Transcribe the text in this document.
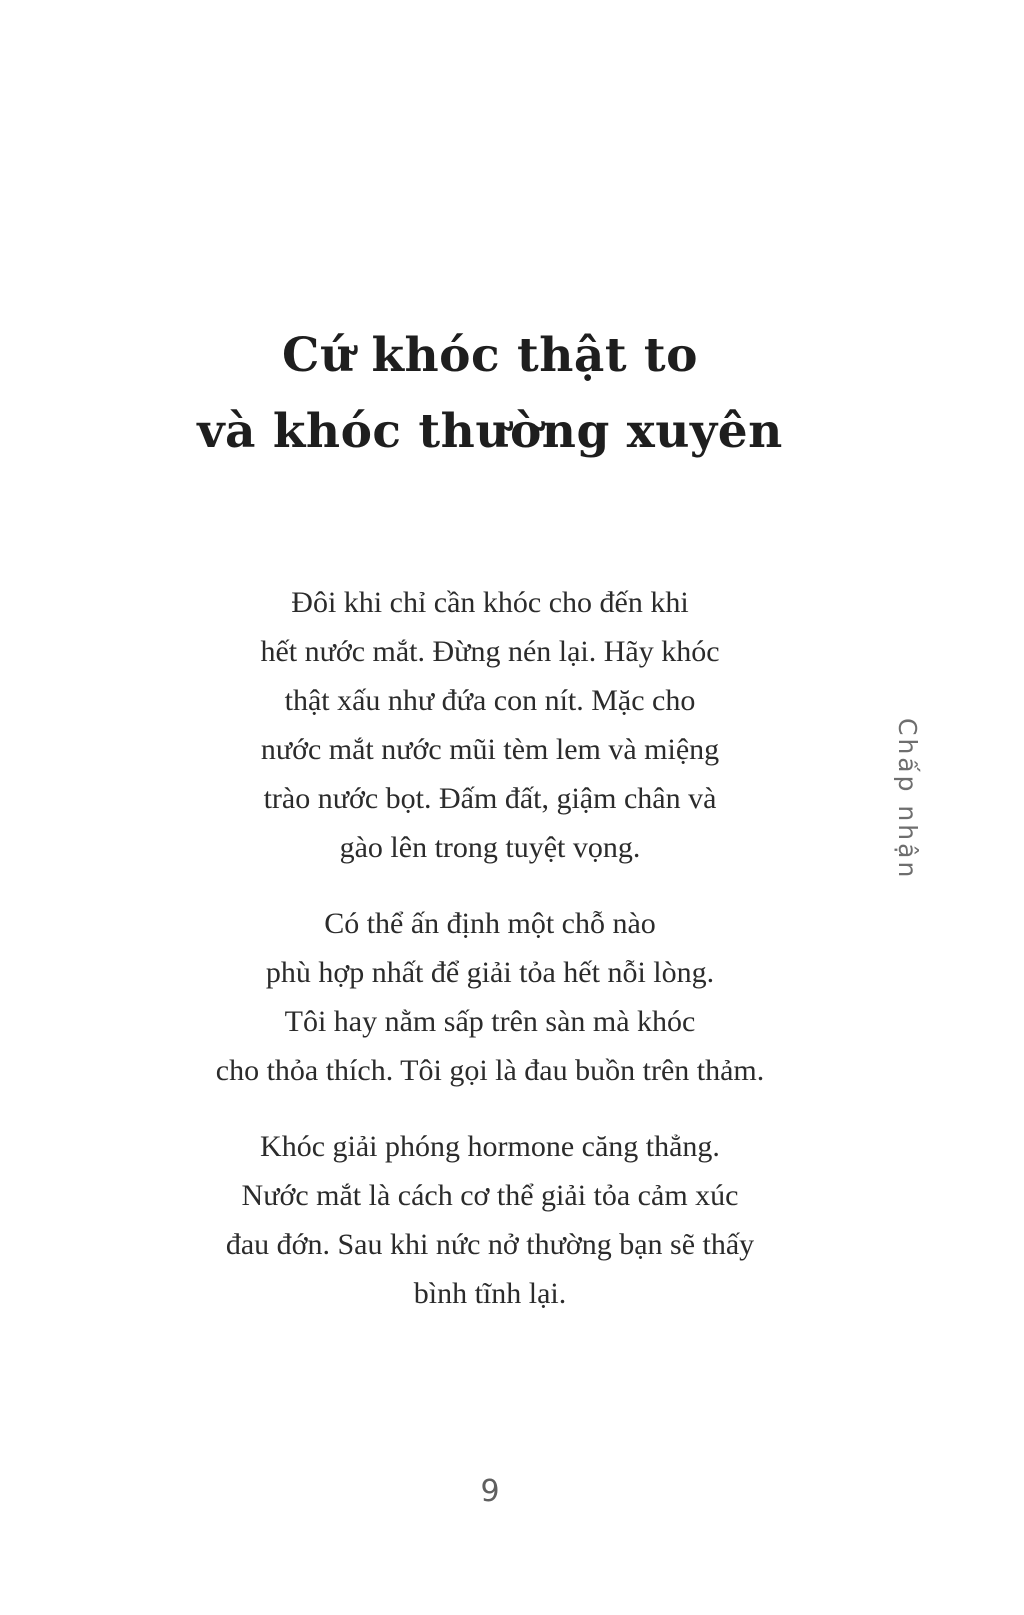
Cứ khóc thật to
và khóc thường xuyên
Đôi khi chỉ cần khóc cho đến khi
hết nước mắt. Đừng nén lại. Hãy khóc
thật xấu như đứa con nít. Mặc cho
nước mắt nước mũi tèm lem và miệng
trào nước bọt. Đấm đất, giậm chân và
gào lên trong tuyệt vọng.
Có thể ấn định một chỗ nào
phù hợp nhất để giải tỏa hết nỗi lòng.
Tôi hay nằm sấp trên sàn mà khóc
cho thỏa thích. Tôi gọi là đau buồn trên thảm.
Khóc giải phóng hormone căng thẳng.
Nước mắt là cách cơ thể giải tỏa cảm xúc
đau đớn. Sau khi nức nở thường bạn sẽ thấy
bình tĩnh lại.
Chấp nhận
9
